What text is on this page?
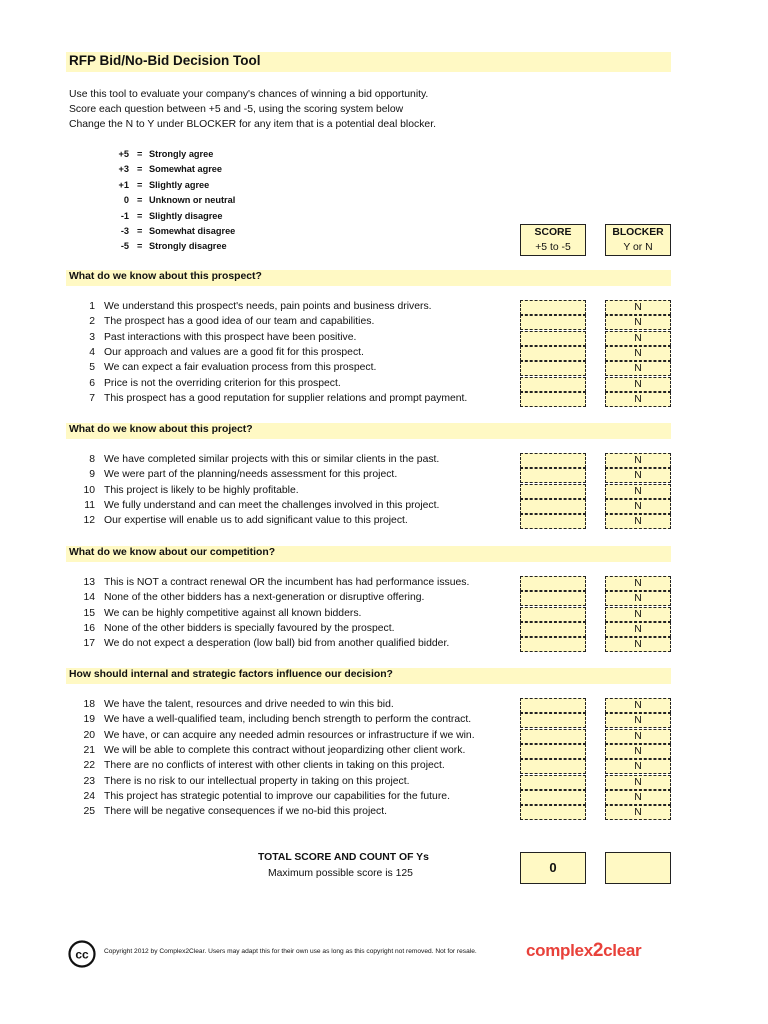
RFP Bid/No-Bid Decision Tool
Use this tool to evaluate your company's chances of winning a bid opportunity.
Score each question between +5 and -5, using the scoring system below
Change the N to Y under BLOCKER for any item that is a potential deal blocker.
+5 = Strongly agree
+3 = Somewhat agree
+1 = Slightly agree
0 = Unknown or neutral
-1 = Slightly disagree
-3 = Somewhat disagree
-5 = Strongly disagree
SCORE
+5 to -5
BLOCKER
Y or N
What do we know about this prospect?
1 We understand this prospect's needs, pain points and business drivers.	N
2 The prospect has a good idea of our team and capabilities.	N
3 Past interactions with this prospect have been positive.	N
4 Our approach and values are a good fit for this prospect.	N
5 We can expect a fair evaluation process from this prospect.	N
6 Price is not the overriding criterion for this prospect.	N
7 This prospect has a good reputation for supplier relations and prompt payment.	N
What do we know about this project?
8 We have completed similar projects with this or similar clients in the past.	N
9 We were part of the planning/needs assessment for this project.	N
10 This project is likely to be highly profitable.	N
11 We fully understand and can meet the challenges involved in this project.	N
12 Our expertise will enable us to add significant value to this project.	N
What do we know about our competition?
13 This is NOT a contract renewal OR the incumbent has had performance issues.	N
14 None of the other bidders has a next-generation or disruptive offering.	N
15 We can be highly competitive against all known bidders.	N
16 None of the other bidders is specially favoured by the prospect.	N
17 We do not expect a desperation (low ball) bid from another qualified bidder.	N
How should internal and strategic factors influence our decision?
18 We have the talent, resources and drive needed to win this bid.	N
19 We have a well-qualified team, including bench strength to perform the contract.	N
20 We have, or can acquire any needed admin resources or infrastructure if we win.	N
21 We will be able to complete this contract without jeopardizing other client work.	N
22 There are no conflicts of interest with other clients in taking on this project.	N
23 There is no risk to our intellectual property in taking on this project.	N
24 This project has strategic potential to improve our capabilities for the future.	N
25 There will be negative consequences if we no-bid this project.	N
TOTAL SCORE AND COUNT OF Ys
Maximum possible score is 125	0
cc Copyright 2012 by Complex2Clear. Users may adapt this for their own use as long as this copyright not removed. Not for resale.	complex2clear
